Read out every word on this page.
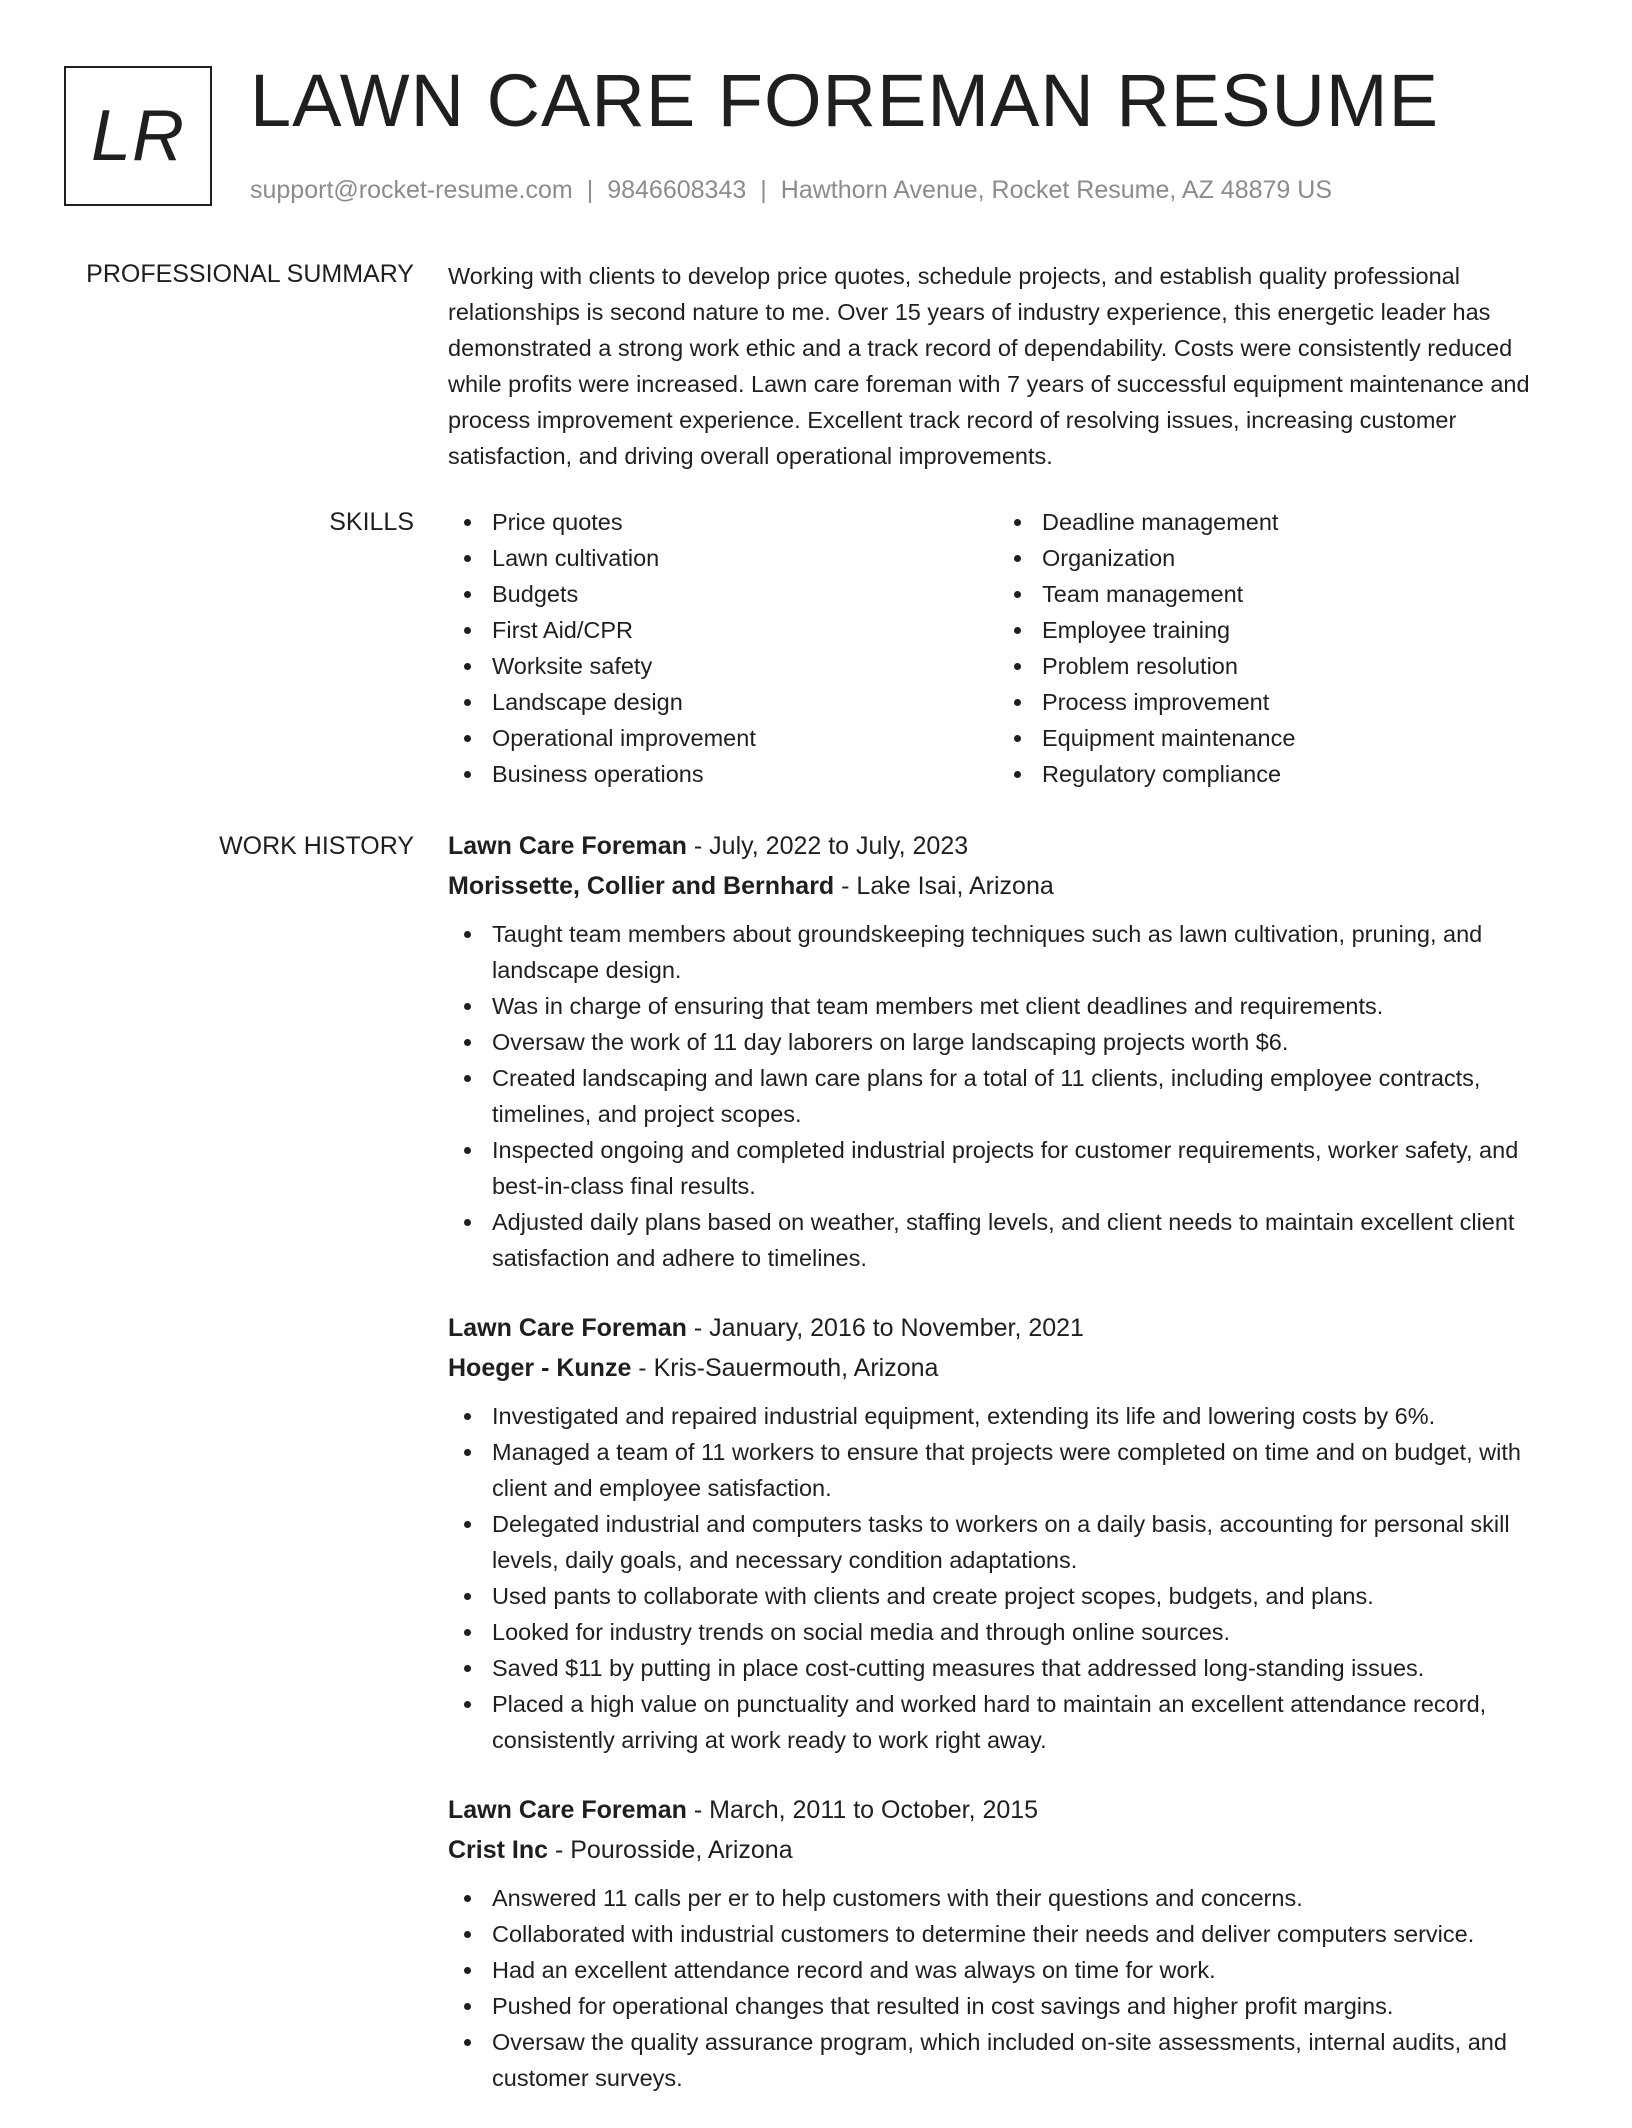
LR LAWN CARE FOREMAN RESUME
support@rocket-resume.com | 9846608343 | Hawthorn Avenue, Rocket Resume, AZ 48879 US
PROFESSIONAL SUMMARY Working with clients to develop price quotes, schedule projects, and establish quality professional relationships is second nature to me. Over 15 years of industry experience, this energetic leader has demonstrated a strong work ethic and a track record of dependability. Costs were consistently reduced while profits were increased. Lawn care foreman with 7 years of successful equipment maintenance and process improvement experience. Excellent track record of resolving issues, increasing customer satisfaction, and driving overall operational improvements.

SKILLS	Price quotes
Lawn cultivation
Budgets
First Aid/CPR
Worksite safety
Landscape design
Operational improvement
Business operations
Deadline management
Organization
Team management
Employee training
Problem resolution
Process improvement
Equipment maintenance
Regulatory compliance
WORK HISTORY Lawn Care Foreman - July, 2022 to July, 2023
Morissette, Collier and Bernhard - Lake Isai, Arizona
Taught team members about groundskeeping techniques such as lawn cultivation, pruning, and landscape design.
Was in charge of ensuring that team members met client deadlines and requirements.
Oversaw the work of 11 day laborers on large landscaping projects worth $6.
Created landscaping and lawn care plans for a total of 11 clients, including employee contracts, timelines, and project scopes.
Inspected ongoing and completed industrial projects for customer requirements, worker safety, and best-in-class final results.
Adjusted daily plans based on weather, staffing levels, and client needs to maintain excellent client satisfaction and adhere to timelines.
Lawn Care Foreman - January, 2016 to November, 2021
Hoeger - Kunze - Kris-Sauermouth, Arizona
Investigated and repaired industrial equipment, extending its life and lowering costs by 6%.
Managed a team of 11 workers to ensure that projects were completed on time and on budget, with client and employee satisfaction.
Delegated industrial and computers tasks to workers on a daily basis, accounting for personal skill levels, daily goals, and necessary condition adaptations.
Used pants to collaborate with clients and create project scopes, budgets, and plans.
Looked for industry trends on social media and through online sources.
Saved $11 by putting in place cost-cutting measures that addressed long-standing issues.
Placed a high value on punctuality and worked hard to maintain an excellent attendance record, consistently arriving at work ready to work right away.
Lawn Care Foreman - March, 2011 to October, 2015
Crist Inc - Pourosside, Arizona
Answered 11 calls per er to help customers with their questions and concerns.
Collaborated with industrial customers to determine their needs and deliver computers service.
Had an excellent attendance record and was always on time for work.
Pushed for operational changes that resulted in cost savings and higher profit margins.
Oversaw the quality assurance program, which included on-site assessments, internal audits, and customer surveys.
